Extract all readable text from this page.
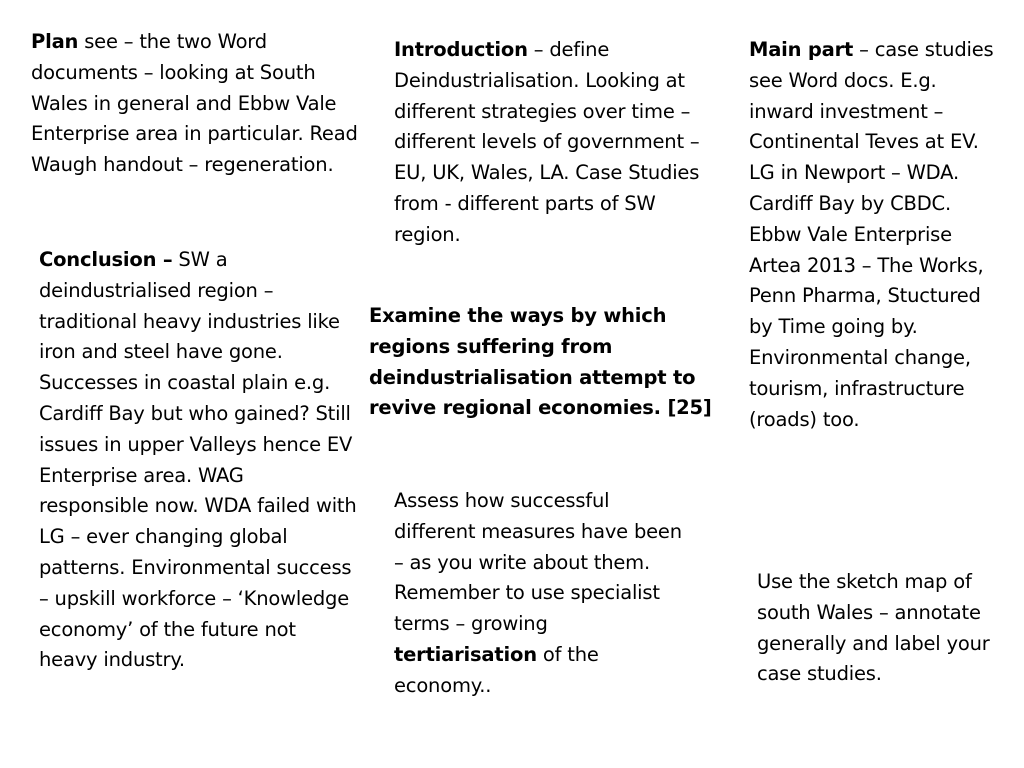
Plan see – the two Word documents – looking at South Wales in general and Ebbw Vale Enterprise area in particular. Read Waugh handout – regeneration.
Introduction – define Deindustrialisation. Looking at different strategies over time – different levels of government – EU, UK, Wales, LA. Case Studies from - different parts of SW region.
Main part – case studies see Word docs. E.g. inward investment – Continental Teves at EV. LG in Newport – WDA. Cardiff Bay by CBDC. Ebbw Vale Enterprise Artea 2013 – The Works, Penn Pharma, Stuctured by Time going by. Environmental change, tourism, infrastructure (roads) too.
Conclusion – SW a deindustrialised region – traditional heavy industries like iron and steel have gone. Successes in coastal plain e.g. Cardiff Bay but who gained? Still issues in upper Valleys hence EV Enterprise area. WAG responsible now. WDA failed with LG – ever changing global patterns. Environmental success – upskill workforce – ‘Knowledge economy’ of the future not heavy industry.
Examine the ways by which regions suffering from deindustrialisation attempt to revive regional economies. [25]
Assess how successful different measures have been – as you write about them. Remember to use specialist terms – growing tertiarisation of the economy..
Use the sketch map of south Wales – annotate generally and label your case studies.
